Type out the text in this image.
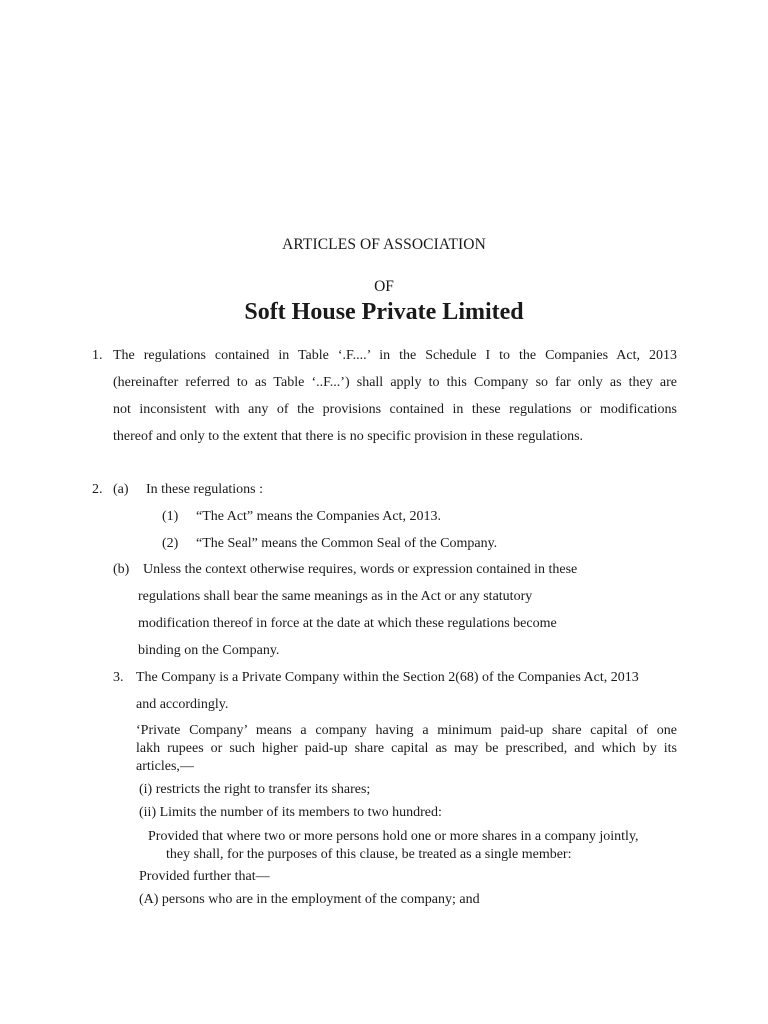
ARTICLES OF ASSOCIATION
OF
Soft House Private Limited
1. The regulations contained in Table ‘.F....’ in the Schedule I to the Companies Act, 2013
(hereinafter referred to as Table ‘..F...’) shall apply to this Company so far only as they are
not inconsistent with any of the provisions contained in these regulations or modifications
thereof and only to the extent that there is no specific provision in these regulations.
2. (a) In these regulations :
(1) “The Act” means the Companies Act, 2013.
(2) “The Seal” means the Common Seal of the Company.
(b) Unless the context otherwise requires, words or expression contained in these
regulations shall bear the same meanings as in the Act or any statutory
modification thereof in force at the date at which these regulations become
binding on the Company.
3. The Company is a Private Company within the Section 2(68) of the Companies Act, 2013
and accordingly.
‘Private Company’ means a company having a minimum paid-up share capital of one
lakh rupees or such higher paid-up share capital as may be prescribed, and which by its
articles,—
(i) restricts the right to transfer its shares;
(ii) Limits the number of its members to two hundred:
Provided that where two or more persons hold one or more shares in a company jointly,
they shall, for the purposes of this clause, be treated as a single member:
Provided further that—
(A) persons who are in the employment of the company; and
